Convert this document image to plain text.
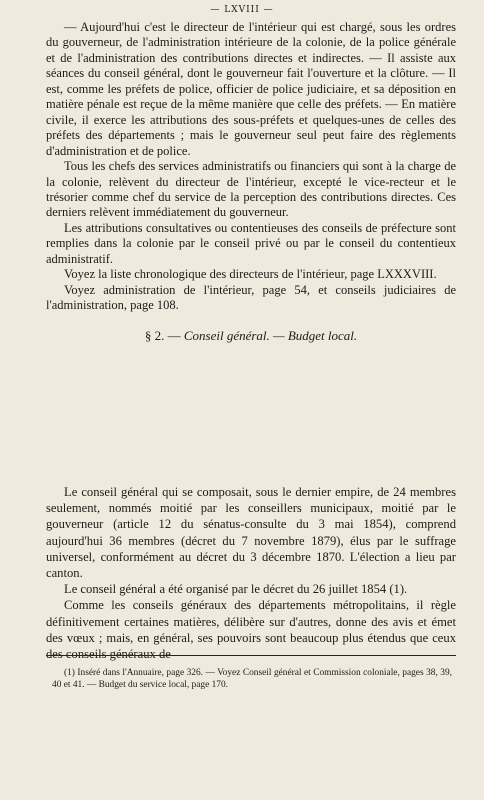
— LXVIII —

— Aujourd'hui c'est le directeur de l'intérieur qui est chargé, sous les ordres du gouverneur, de l'administration intérieure de la colonie, de la police générale et de l'administration des contributions directes et indirectes. — Il assiste aux séances du conseil général, dont le gouverneur fait l'ouverture et la clôture. — Il est, comme les préfets de police, officier de police judiciaire, et sa déposition en matière pénale est reçue de la même manière que celle des préfets. — En matière civile, il exerce les attributions des sous-préfets et quelques-unes de celles des préfets des départements ; mais le gouverneur seul peut faire des règlements d'administration et de police.

Tous les chefs des services administratifs ou financiers qui sont à la charge de la colonie, relèvent du directeur de l'intérieur, excepté le vice-recteur et le trésorier comme chef du service de la perception des contributions directes. Ces derniers relèvent immédiatement du gouverneur.

Les attributions consultatives ou contentieuses des conseils de préfecture sont remplies dans la colonie par le conseil privé ou par le conseil du contentieux administratif.

Voyez la liste chronologique des directeurs de l'intérieur, page LXXXVIII.

Voyez administration de l'intérieur, page 54, et conseils judiciaires de l'administration, page 108.

§ 2. — Conseil général. — Budget local.

Le conseil général qui se composait, sous le dernier empire, de 24 membres seulement, nommés moitié par les conseillers municipaux, moitié par le gouverneur (article 12 du sénatus-consulte du 3 mai 1854), comprend aujourd'hui 36 membres (décret du 7 novembre 1879), élus par le suffrage universel, conformément au décret du 3 décembre 1870. L'élection a lieu par canton.

Le conseil général a été organisé par le décret du 26 juillet 1854 (1).

Comme les conseils généraux des départements métropolitains, il règle définitivement certaines matières, délibère sur d'autres, donne des avis et émet des vœux ; mais, en général, ses pouvoirs sont beaucoup plus étendus que ceux des conseils généraux de

(1) Inséré dans l'Annuaire, page 326. — Voyez Conseil général et Commission coloniale, pages 38, 39, 40 et 41. — Budget du service local, page 170.
